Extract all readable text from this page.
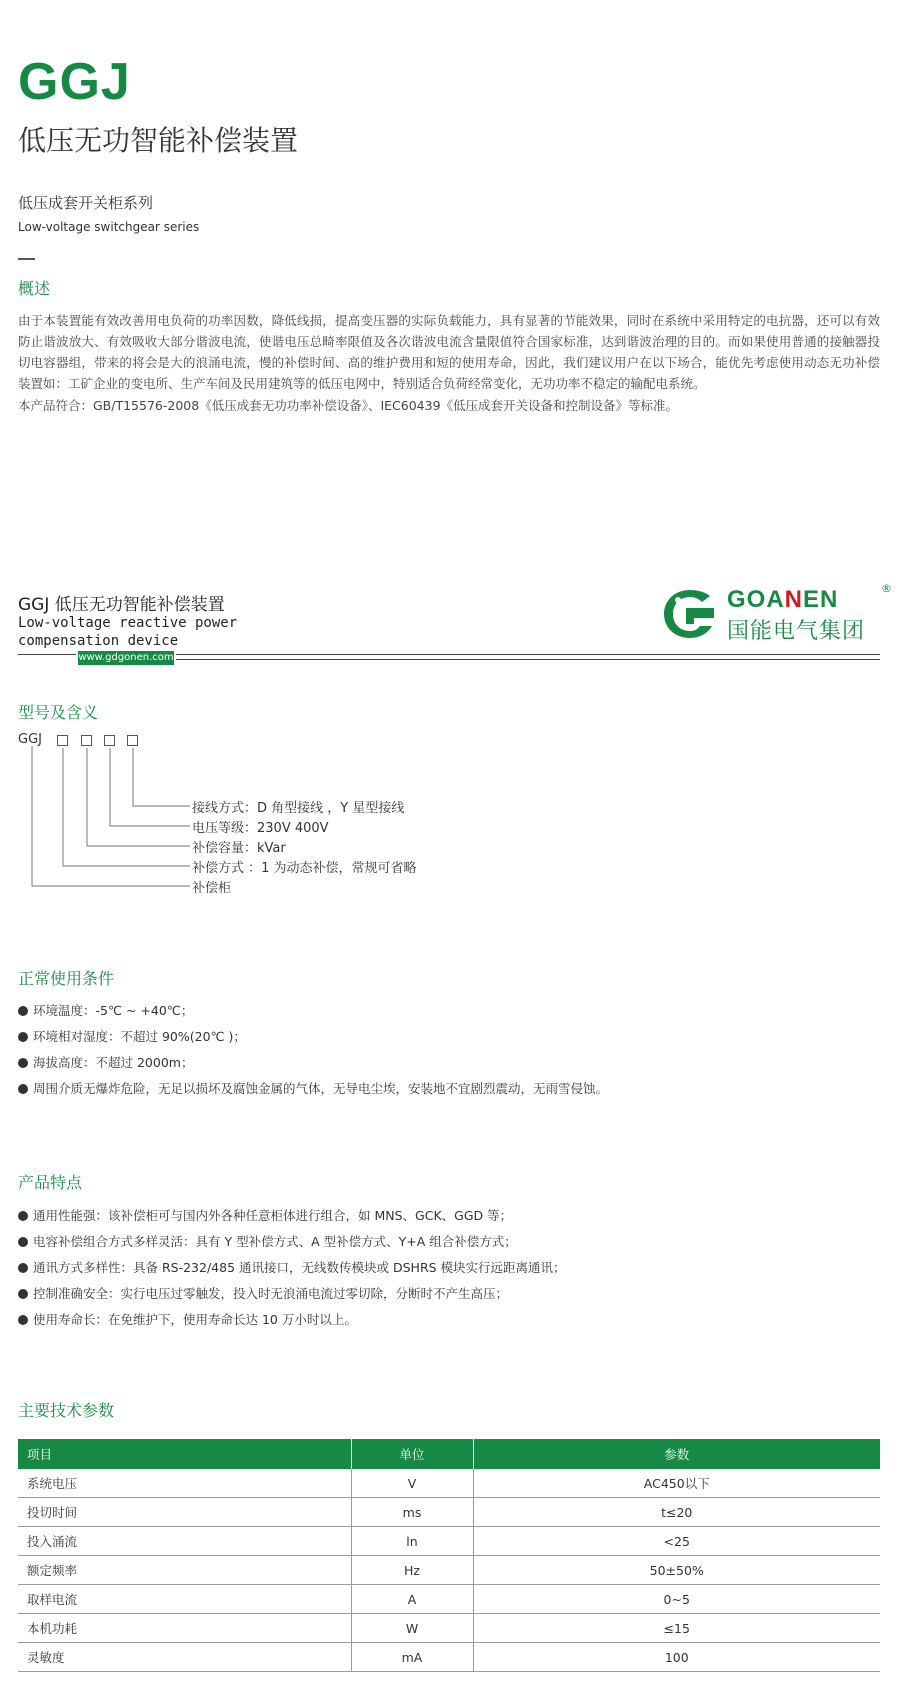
GGJ
低压无功智能补偿装置
低压成套开关柜系列
Low-voltage switchgear series
概述
由于本装置能有效改善用电负荷的功率因数，降低线损，提高变压器的实际负载能力，具有显著的节能效果，同时在系统中采用特定的电抗器，还可以有效防止谐波放大、有效吸收大部分谐波电流，使谐电压总畸率限值及各次谐波电流含量限值符合国家标准，达到谐波治理的目的。而如果使用普通的接触器投切电容器组，带来的将会是大的浪涌电流，慢的补偿时间、高的维护费用和短的使用寿命，因此，我们建议用户在以下场合，能优先考虑使用动态无功补偿装置如：工矿企业的变电所、生产车间及民用建筑等的低压电网中，特别适合负荷经常变化，无功功率不稳定的输配电系统。
本产品符合：GB/T15576-2008《低压成套无功功率补偿设备》、IEC60439《低压成套开关设备和控制设备》等标准。
GGJ 低压无功智能补偿装置
Low-voltage reactive power
compensation device
www.gdgonen.com
GOANEN	®
国能电气集团
型号及含义
GGJ
接线方式：D 角型接线 ，Y 星型接线
电压等级：230V 400V
补偿容量：kVar
补偿方式 ：1 为动态补偿，常规可省略
补偿柜
正常使用条件
环境温度：-5℃ ~ +40℃；
环境相对湿度：不超过 90%(20℃ )；
海拔高度：不超过 2000m；
周围介质无爆炸危险，无足以损坏及腐蚀金属的气体，无导电尘埃，安装地不宜剧烈震动，无雨雪侵蚀。
产品特点
通用性能强：该补偿柜可与国内外各种任意柜体进行组合，如 MNS、GCK、GGD 等；
电容补偿组合方式多样灵活：具有 Y 型补偿方式、A 型补偿方式、Y+A 组合补偿方式；
通讯方式多样性：具备 RS-232/485 通讯接口，无线数传模块或 DSHRS 模块实行远距离通讯；
控制准确安全：实行电压过零触发，投入时无浪涌电流过零切除，分断时不产生高压；
使用寿命长：在免维护下，使用寿命长达 10 万小时以上。
主要技术参数
项目	单位	参数
系统电压	V	AC450以下
投切时间	ms	t≤20
投入涌流	ln	<25
额定频率	Hz	50±50%
取样电流	A	0~5
本机功耗	W	≤15
灵敏度	mA	100
